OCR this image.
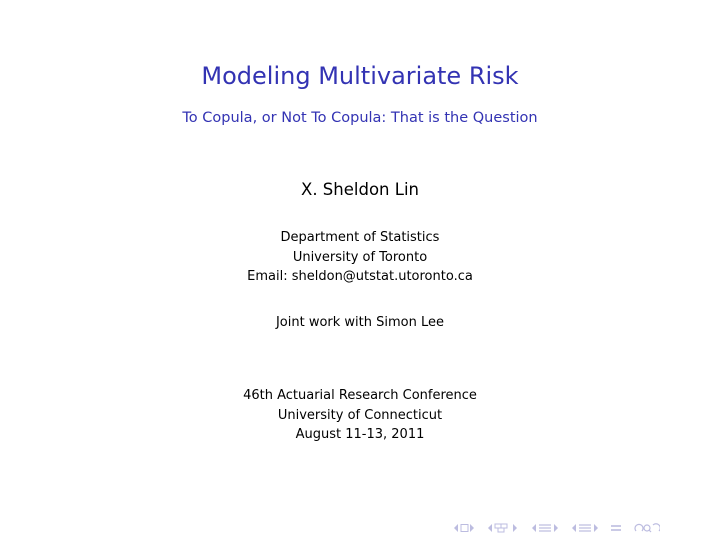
Modeling Multivariate Risk
To Copula, or Not To Copula: That is the Question
X. Sheldon Lin
Department of Statistics
University of Toronto
Email: sheldon@utstat.utoronto.ca
Joint work with Simon Lee
46th Actuarial Research Conference
University of Connecticut
August 11-13, 2011
